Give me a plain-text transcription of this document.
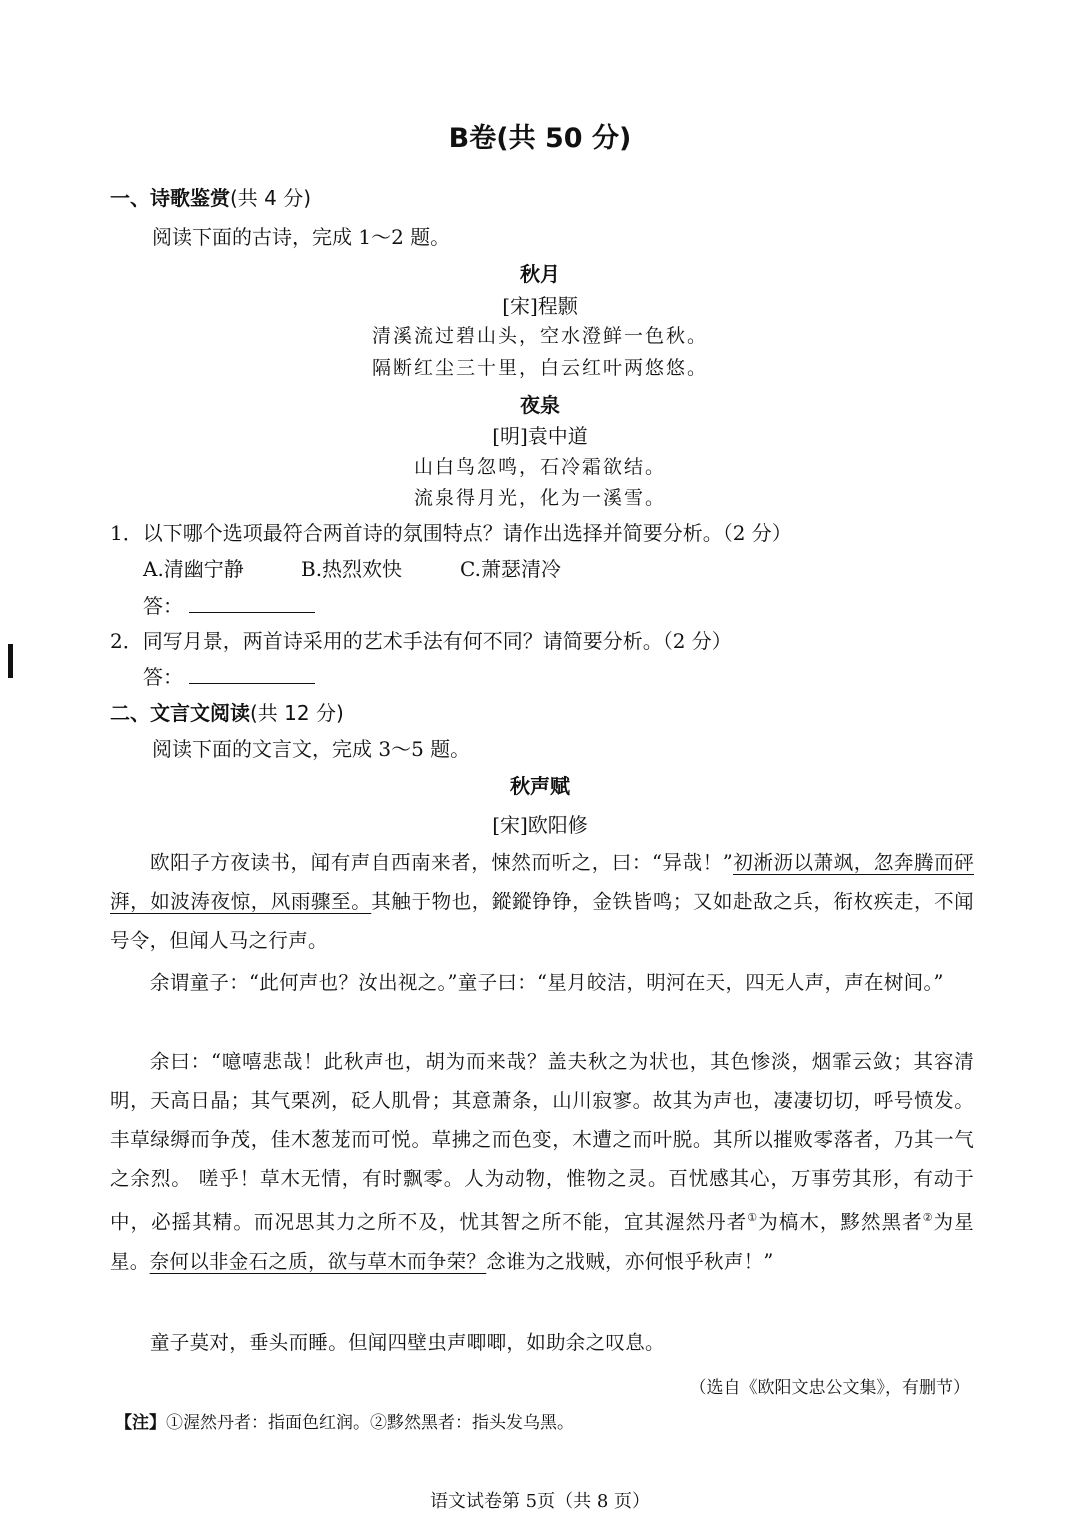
B卷(共 50 分)
一、诗歌鉴赏(共 4 分)
阅读下面的古诗，完成 1～2 题。
秋月
[宋]程颢
清溪流过碧山头，空水澄鲜一色秋。
隔断红尘三十里，白云红叶两悠悠。
夜泉
[明]袁中道
山白鸟忽鸣，石冷霜欲结。
流泉得月光，化为一溪雪。
1．以下哪个选项最符合两首诗的氛围特点？请作出选择并简要分析。（2 分）
A.清幽宁静	B.热烈欢快	C.萧瑟清冷
答：
2．同写月景，两首诗采用的艺术手法有何不同？请简要分析。（2 分）
答：
二、文言文阅读(共 12 分)
阅读下面的文言文，完成 3～5 题。
秋声赋
[宋]欧阳修
欧阳子方夜读书，闻有声自西南来者，悚然而听之，曰：“异哉！”初淅沥以萧飒，忽奔腾而砰湃，如波涛夜惊，风雨骤至。其触于物也，鏦鏦铮铮，金铁皆鸣；又如赴敌之兵，衔枚疾走，不闻号令，但闻人马之行声。
余谓童子：“此何声也？汝出视之。”童子曰：“星月皎洁，明河在天，四无人声，声在树间。”
余曰：“噫嘻悲哉！此秋声也，胡为而来哉？盖夫秋之为状也，其色惨淡，烟霏云敛；其容清明，天高日晶；其气栗冽，砭人肌骨；其意萧条，山川寂寥。故其为声也，凄凄切切，呼号愤发。丰草绿缛而争茂，佳木葱茏而可悦。草拂之而色变，木遭之而叶脱。其所以摧败零落者，乃其一气之余烈。 嗟乎！草木无情，有时飘零。人为动物，惟物之灵。百忧感其心，万事劳其形，有动于中，必摇其精。而况思其力之所不及，忧其智之所不能，宜其渥然丹者①为槁木，黟然黑者②为星星。奈何以非金石之质，欲与草木而争荣？念谁为之戕贼，亦何恨乎秋声！”
童子莫对，垂头而睡。但闻四壁虫声唧唧，如助余之叹息。
（选自《欧阳文忠公文集》，有删节）
【注】①渥然丹者：指面色红润。②黟然黑者：指头发乌黑。
语文试卷第 5页（共 8 页）
